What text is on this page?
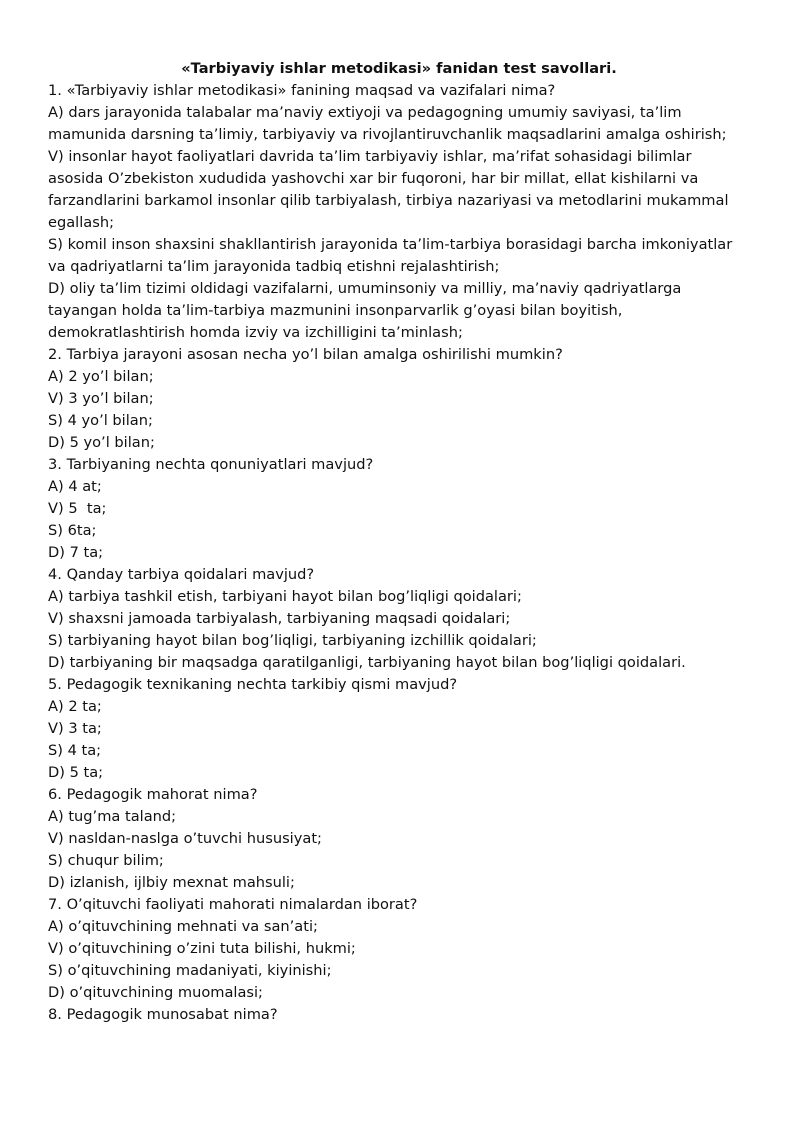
«Tarbiyaviy ishlar metodikasi» fanidan test savollari.

1. «Tarbiyaviy ishlar metodikasi» fanining maqsad va vazifalari nima?

A) dars jarayonida talabalar ma’naviy extiyoji va pedagogning umumiy saviyasi, ta’lim mamunida darsning ta’limiy, tarbiyaviy va rivojlantiruvchanlik maqsadlarini amalga oshirish;

V) insonlar hayot faoliyatlari davrida ta’lim tarbiyaviy ishlar, ma’rifat sohasidagi bilimlar asosida O’zbekiston xududida yashovchi xar bir fuqoroni, har bir millat, ellat kishilarni va farzandlarini barkamol insonlar qilib tarbiyalash, tirbiya nazariyasi va metodlarini mukammal egallash;

S) komil inson shaxsini shakllantirish jarayonida ta’lim-tarbiya borasidagi barcha imkoniyatlar va qadriyatlarni ta’lim jarayonida tadbiq etishni rejalashtirish;

D) oliy ta’lim tizimi oldidagi vazifalarni, umuminsoniy va milliy, ma’naviy qadriyatlarga tayangan holda ta’lim-tarbiya mazmunini insonparvarlik g’oyasi bilan boyitish, demokratlashtirish homda izviy va izchilligini ta’minlash;

2. Tarbiya jarayoni asosan necha yo’l bilan amalga oshirilishi mumkin?

A) 2 yo’l bilan;

V) 3 yo’l bilan;

S) 4 yo’l bilan;

D) 5 yo’l bilan;

3. Tarbiyaning nechta qonuniyatlari mavjud?

A) 4 at;

V) 5  ta;

S) 6ta;

D) 7 ta;

4. Qanday tarbiya qoidalari mavjud?

A) tarbiya tashkil etish, tarbiyani hayot bilan bog’liqligi qoidalari;

V) shaxsni jamoada tarbiyalash, tarbiyaning maqsadi qoidalari;

S) tarbiyaning hayot bilan bog’liqligi, tarbiyaning izchillik qoidalari;

D) tarbiyaning bir maqsadga qaratilganligi, tarbiyaning hayot bilan bog’liqligi qoidalari.

5. Pedagogik texnikaning nechta tarkibiy qismi mavjud?

A) 2 ta;

V) 3 ta;

S) 4 ta;

D) 5 ta;

6. Pedagogik mahorat nima?

A) tug’ma taland;

V) nasldan-naslga o’tuvchi hususiyat;

S) chuqur bilim;

D) izlanish, ijlbiy mexnat mahsuli;

7. O’qituvchi faoliyati mahorati nimalardan iborat?

A) o’qituvchining mehnati va san’ati;

V) o’qituvchining o’zini tuta bilishi, hukmi;

S) o’qituvchining madaniyati, kiyinishi;

D) o’qituvchining muomalasi;

8. Pedagogik munosabat nima?
